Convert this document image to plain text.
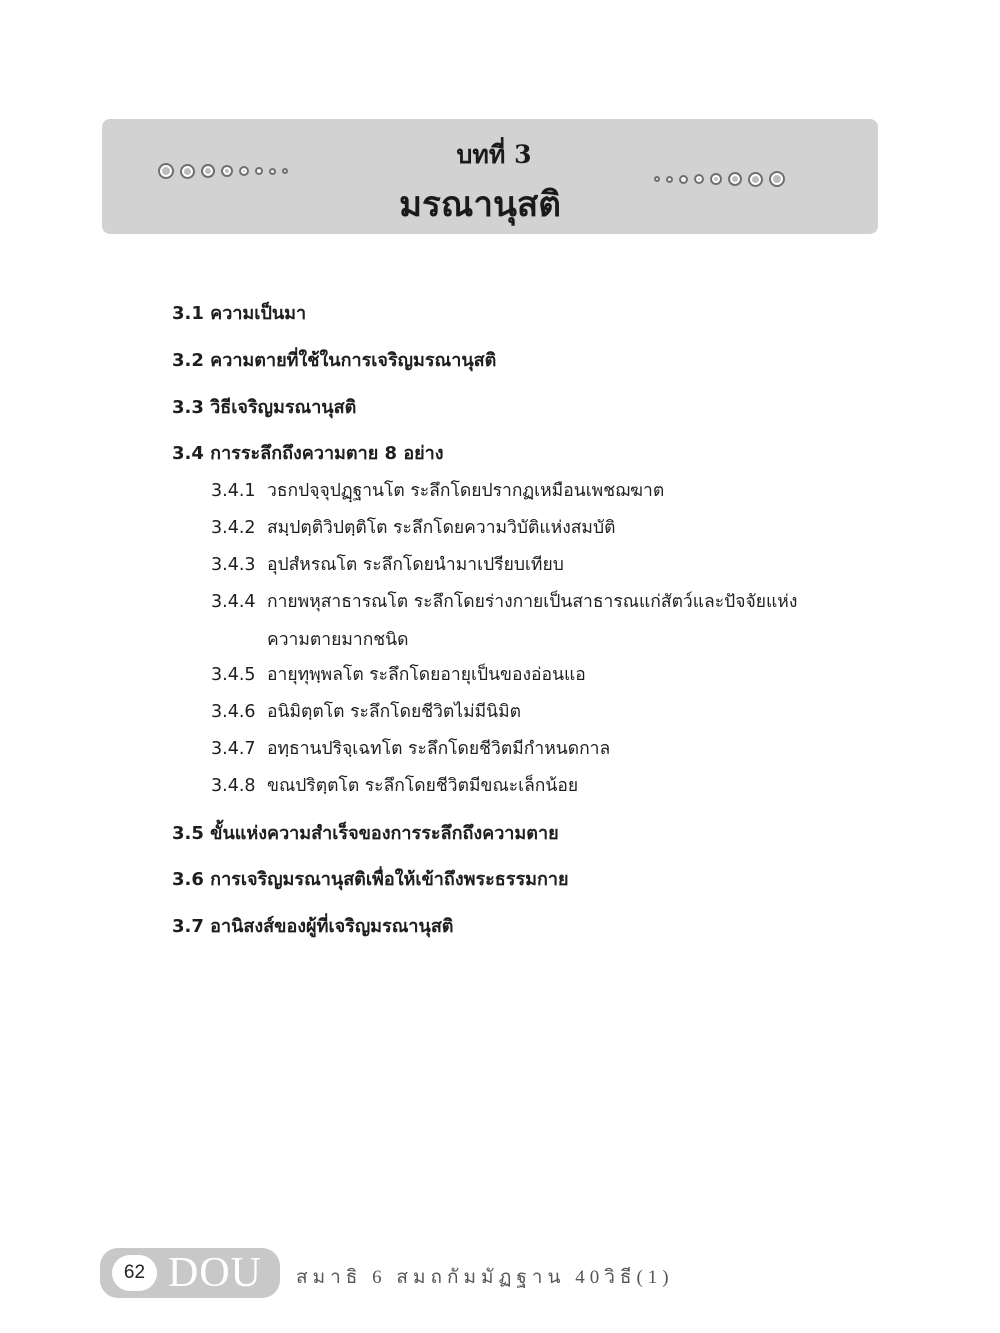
บทที่ 3
มรณานุสติ
3.1 ความเป็นมา
3.2 ความตายที่ใช้ในการเจริญมรณานุสติ
3.3 วิธีเจริญมรณานุสติ
3.4 การระลึกถึงความตาย 8 อย่าง
3.4.1 วธกปจฺจุปฏฺฐานโต ระลึกโดยปรากฏเหมือนเพชฌฆาต
3.4.2 สมฺปตฺติวิปตฺติโต ระลึกโดยความวิบัติแห่งสมบัติ
3.4.3 อุปสํหรณโต ระลึกโดยนำมาเปรียบเทียบ
3.4.4 กายพหุสาธารณโต ระลึกโดยร่างกายเป็นสาธารณแก่สัตว์และปัจจัยแห่ง
ความตายมากชนิด
3.4.5 อายุทุพฺพลโต ระลึกโดยอายุเป็นของอ่อนแอ
3.4.6 อนิมิตฺตโต ระลึกโดยชีวิตไม่มีนิมิต
3.4.7 อทฺธานปริจฺเฉทโต ระลึกโดยชีวิตมีกำหนดกาล
3.4.8 ขณปริตฺตโต ระลึกโดยชีวิตมีขณะเล็กน้อย
3.5 ขั้นแห่งความสำเร็จของการระลึกถึงความตาย
3.6 การเจริญมรณานุสติเพื่อให้เข้าถึงพระธรรมกาย
3.7 อานิสงส์ของผู้ที่เจริญมรณานุสติ
62 DOU สมาธิ 6 สมถกัมมัฏฐาน 40วิธี(1)
